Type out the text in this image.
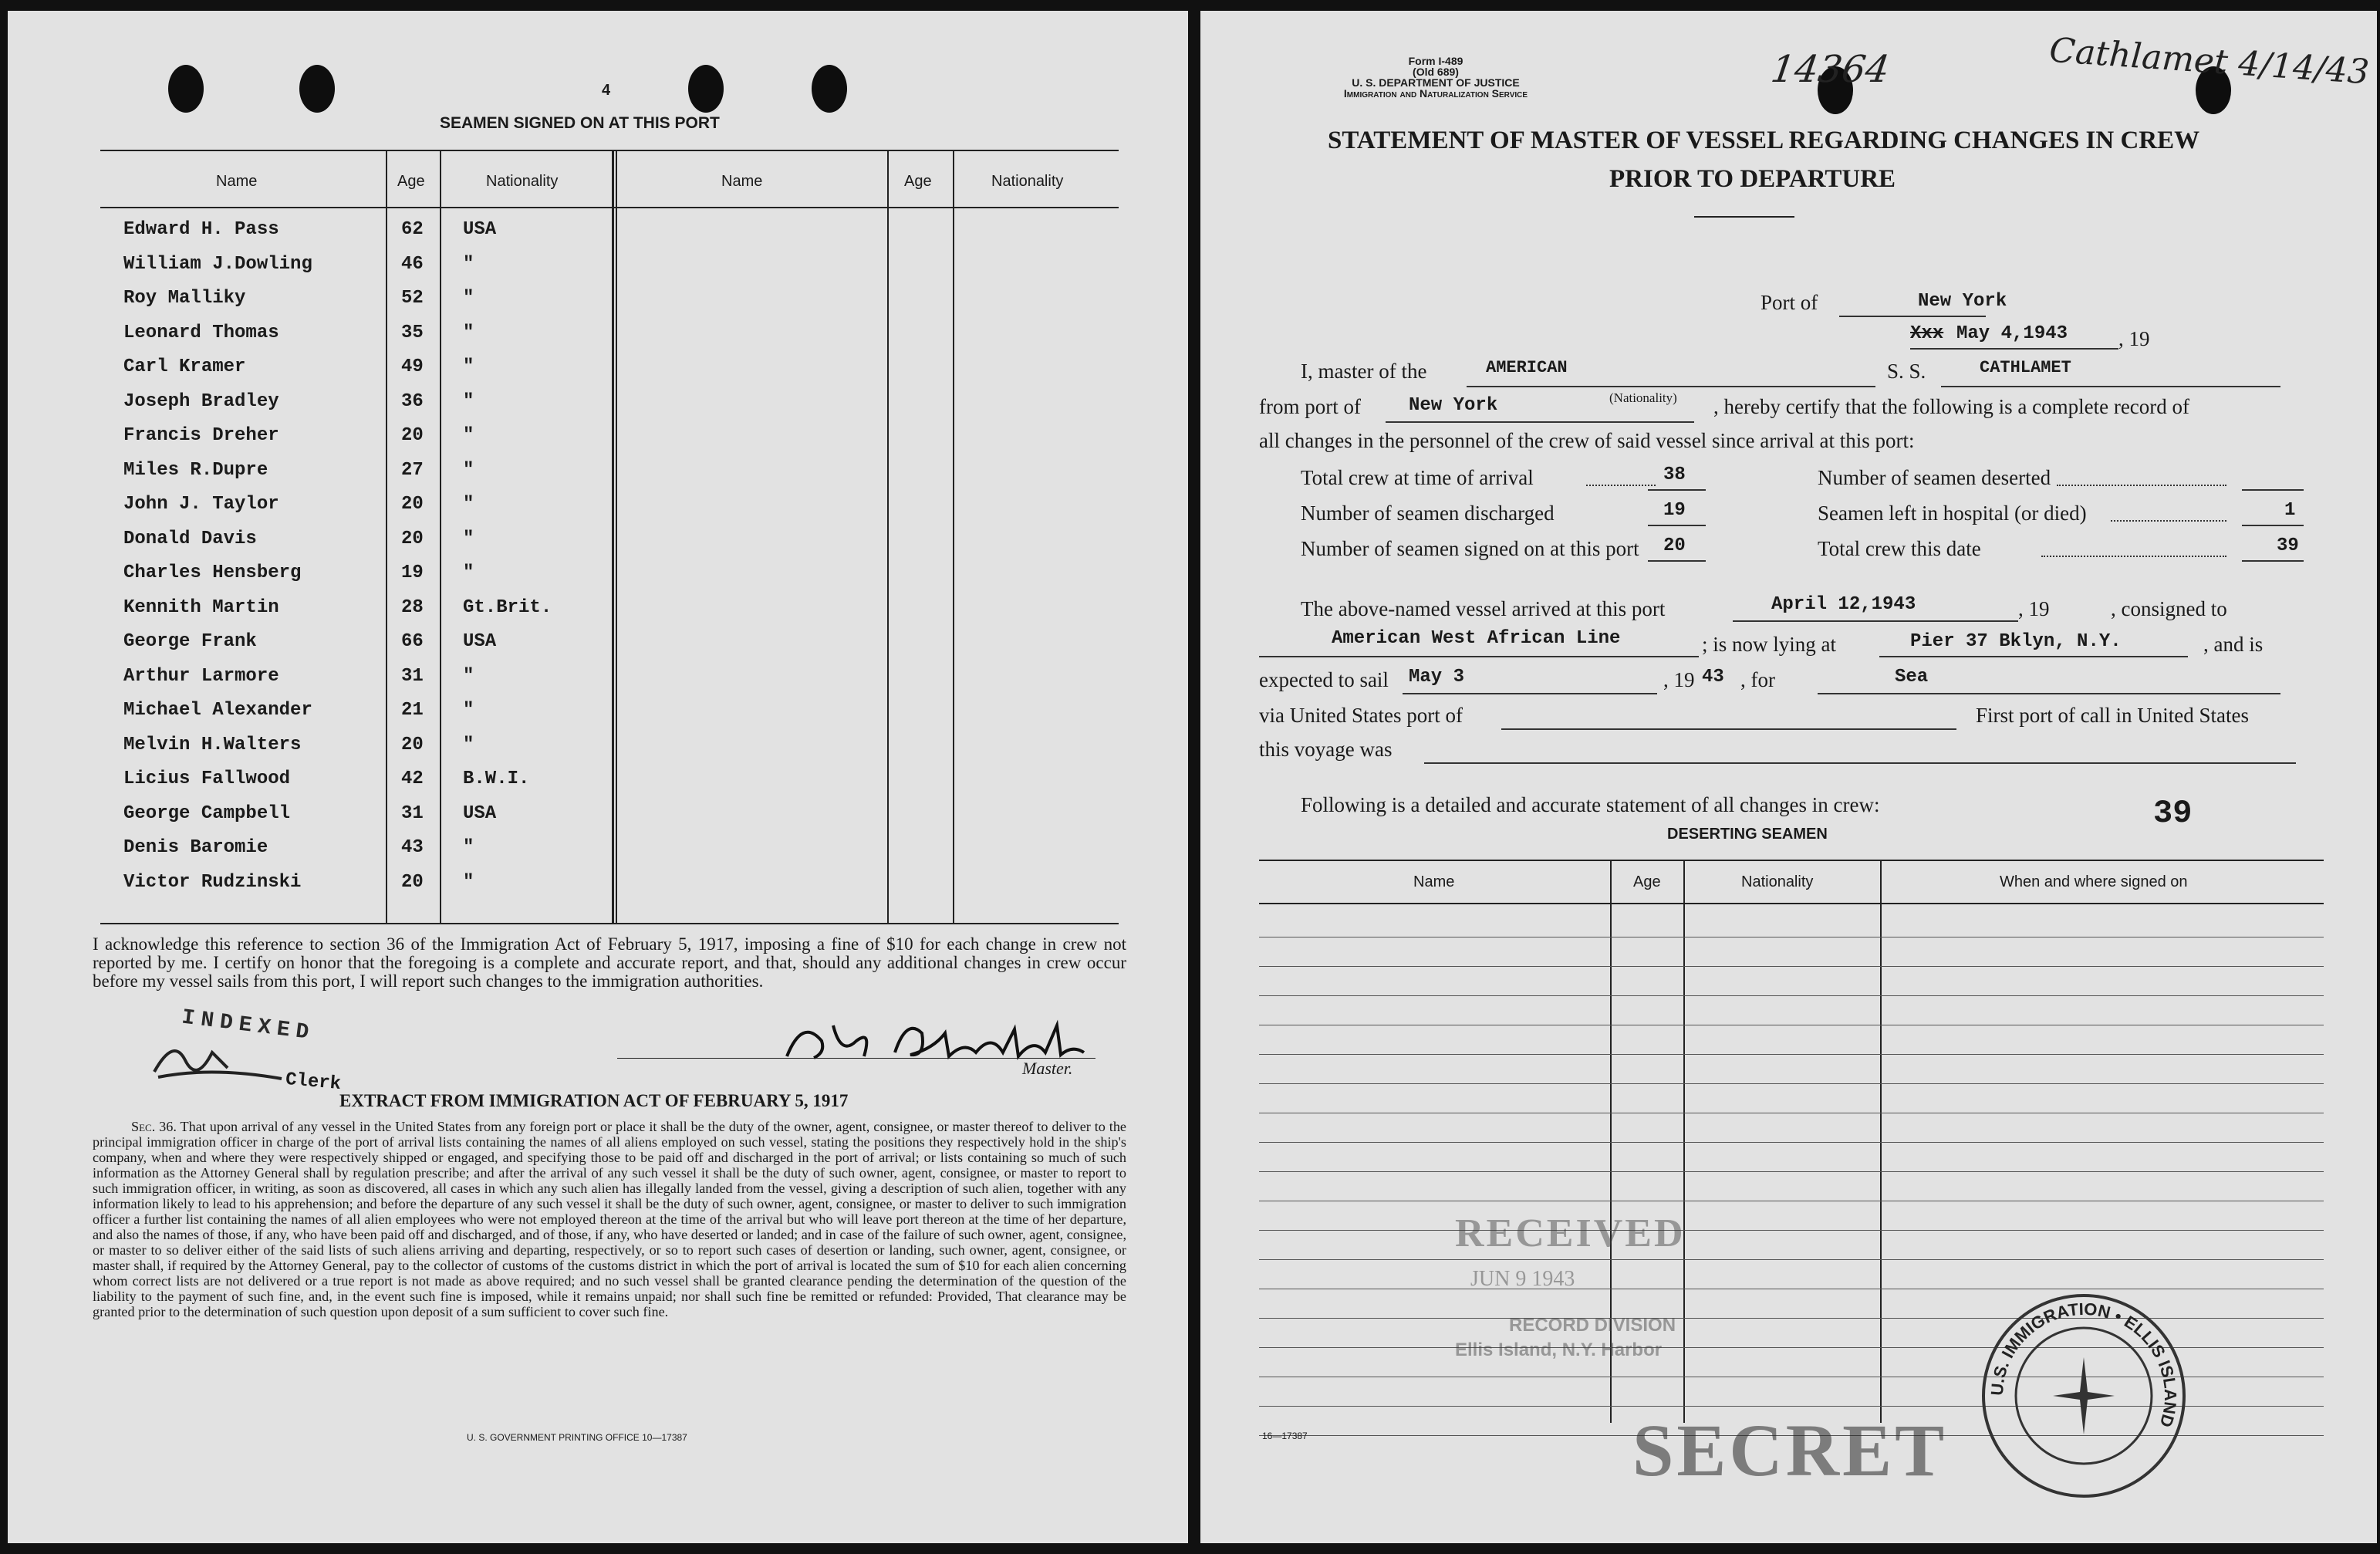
4
SEAMEN SIGNED ON AT THIS PORT
Name	Age	Nationality	Name	Age	Nationality
Edward H. Pass	62 USA
William J.Dowling	46 "
Roy Malliky	52 "
Leonard Thomas	35 "
Carl Kramer	49 "
Joseph Bradley	36 "
Francis Dreher	20 "
Miles R.Dupre	27 "
John J. Taylor	20 "
Donald Davis	20 "
Charles Hensberg	19 "
Kennith Martin	28 Gt.Brit.
George Frank	66 USA
Arthur Larmore	31 "
Michael Alexander	21 "
Melvin H.Walters	20 "
Licius Fallwood	42 B.W.I.
George Campbell	31 USA
Denis Baromie	43 "
Victor Rudzinski	20 "
I acknowledge this reference to section 36 of the Immigration Act of February 5, 1917, imposing a fine of $10 for each change in crew not reported by me. I certify on honor that the foregoing is a complete and accurate report, and that, should any additional changes in crew occur before my vessel sails from this port, I will report such changes to the immigration authorities.
INDEXED
Clerk
Master.
EXTRACT FROM IMMIGRATION ACT OF FEBRUARY 5, 1917
Sec. 36. That upon arrival of any vessel in the United States from any foreign port or place it shall be the duty of the owner, agent, consignee, or master thereof to deliver to the principal immigration officer in charge of the port of arrival lists containing the names of all aliens employed on such vessel, stating the positions they respectively hold in the ship's company, when and where they were respectively shipped or engaged, and specifying those to be paid off and discharged in the port of arrival; or lists containing so much of such information as the Attorney General shall by regulation prescribe; and after the arrival of any such vessel it shall be the duty of such owner, agent, consignee, or master to report to such immigration officer, in writing, as soon as discovered, all cases in which any such alien has illegally landed from the vessel, giving a description of such alien, together with any information likely to lead to his apprehension; and before the departure of any such vessel it shall be the duty of such owner, agent, consignee, or master to deliver to such immigration officer a further list containing the names of all alien employees who were not employed thereon at the time of the arrival but who will leave port thereon at the time of her departure, and also the names of those, if any, who have been paid off and discharged, and of those, if any, who have deserted or landed; and in case of the failure of such owner, agent, consignee, or master to so deliver either of the said lists of such aliens arriving and departing, respectively, or so to report such cases of desertion or landing, such owner, agent, consignee, or master shall, if required by the Attorney General, pay to the collector of customs of the customs district in which the port of arrival is located the sum of $10 for each alien concerning whom correct lists are not delivered or a true report is not made as above required; and no such vessel shall be granted clearance pending the determination of the question of the liability to the payment of such fine, and, in the event such fine is imposed, while it remains unpaid; nor shall such fine be remitted or refunded: Provided, That clearance may be granted prior to the determination of such question upon deposit of a sum sufficient to cover such fine.
U. S. GOVERNMENT PRINTING OFFICE 10—17387
Form I-489
(Old 689)
U. S. DEPARTMENT OF JUSTICE
Immigration and Naturalization Service
14364	Cathlamet 4/14/43
STATEMENT OF MASTER OF VESSEL REGARDING CHANGES IN CREW
PRIOR TO DEPARTURE
Port of	New York
Xxx May 4,1943 , 19
I, master of the	AMERICAN
(Nationality)
S. S.	CATHLAMET
from port of	New York	, hereby certify that the following is a complete record of
all changes in the personnel of the crew of said vessel since arrival at this port:
Total crew at time of arrival	38	Number of seamen deserted
Number of seamen discharged	19	Seamen left in hospital (or died)	1
Number of seamen signed on at this port 20	Total crew this date	39
The above-named vessel arrived at this port	April 12,1943	, 19	, consigned to
American West African Line	; is now lying at	Pier 37 Bklyn, N.Y.	, and is
expected to sail May 3	, 19 43 , for	Sea
via United States port of	First port of call in United States
this voyage was
Following is a detailed and accurate statement of all changes in crew:	39
DESERTING SEAMEN
Name	Age	Nationality	When and where signed on
RECEIVED
JUN 9 1943
RECORD DIVISION
Ellis Island, N.Y. Harbor
SECRET
U.S. IMMIGRATION • ELLIS ISLAND
16—17387
